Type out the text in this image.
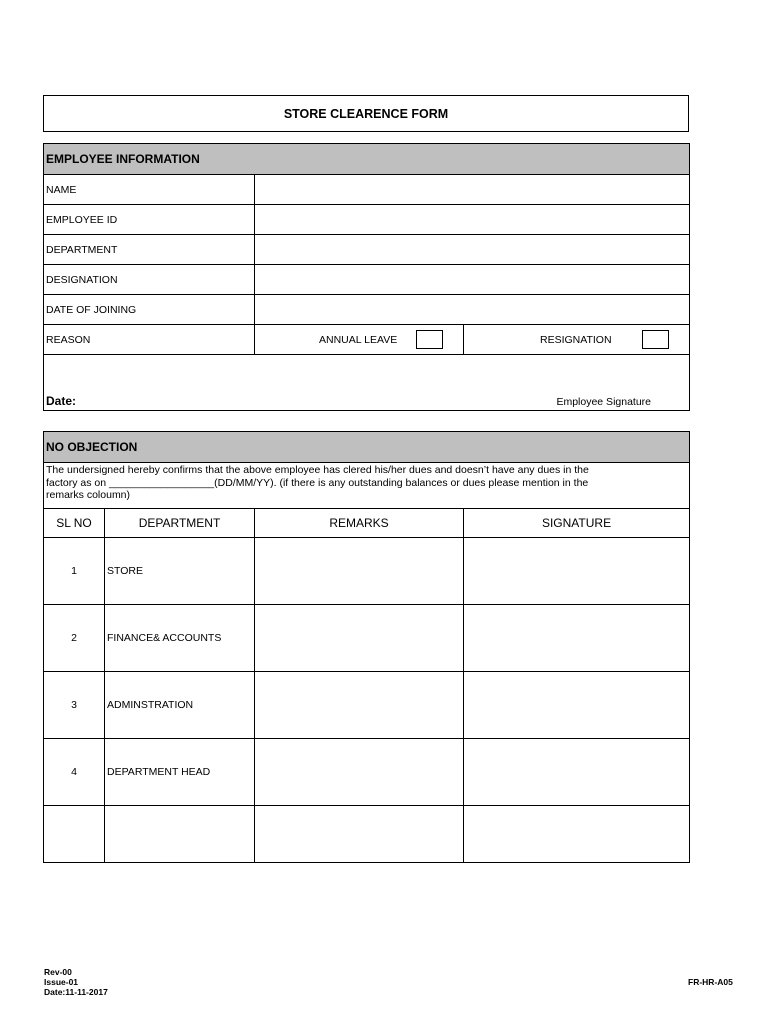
STORE CLEARENCE FORM
EMPLOYEE INFORMATION		
NAME		
EMPLOYEE ID		
DEPARTMENT		
DESIGNATION		
DATE OF JOINING		
REASON	ANNUAL LEAVE	RESIGNATION

Date: Employee Signature		
NO OBJECTION			

The undersigned hereby confirms that the above employee has clered his/her dues and doesn’t have any dues in the
factory as on __________________(DD/MM/YY). (if there is any outstanding balances or dues please mention in the
remarks coloumn)			

SL NO	DEPARTMENT	REMARKS	SIGNATURE
1	STORE		
2	FINANCE& ACCOUNTS		
3	ADMINSTRATION		
4	DEPARTMENT HEAD		

Rev-00
Issue-01
Date:11-11-2017
FR-HR-A05
